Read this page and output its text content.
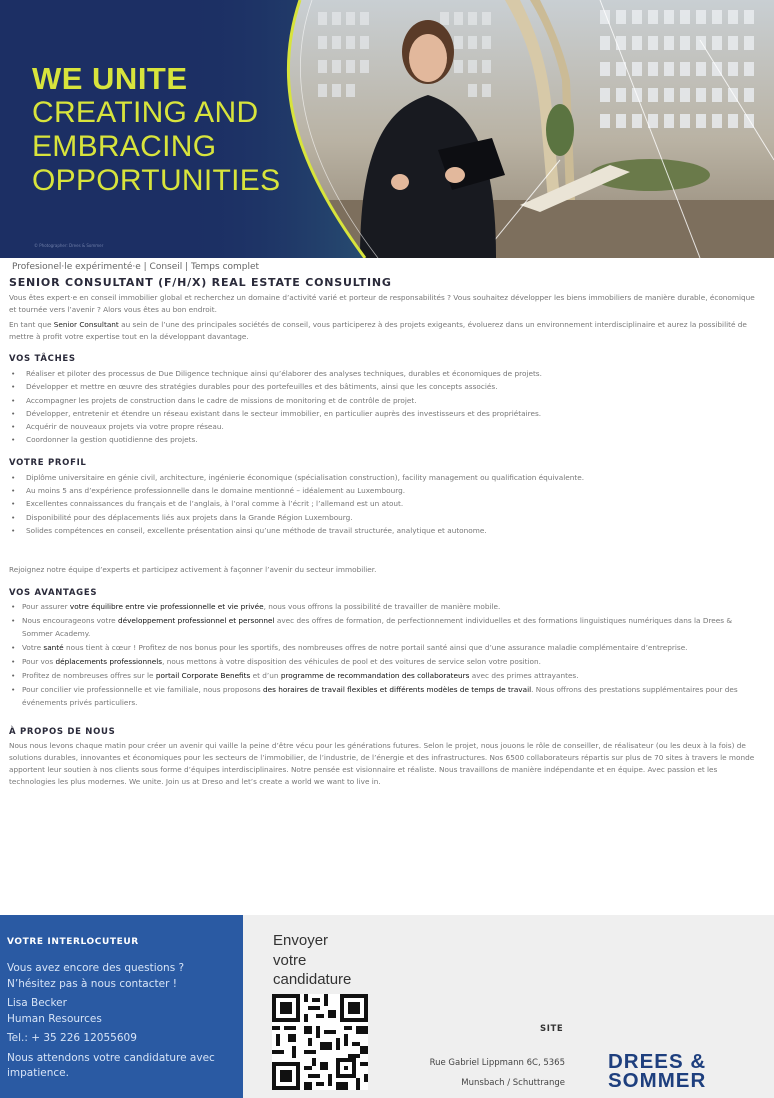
WE UNITE
CREATING AND
EMBRACING
OPPORTUNITIES
© Photographer: Drees & Sommer
Profesionel·le expérimenté·e | Conseil | Temps complet
SENIOR CONSULTANT (F/H/X) REAL ESTATE CONSULTING

Vous êtes expert·e en conseil immobilier global et recherchez un domaine d’activité varié et porteur de responsabilités ? Vous souhaitez développer les biens immobiliers de manière durable, économique et tournée vers l’avenir ? Alors vous êtes au bon endroit.

En tant que Senior Consultant au sein de l’une des principales sociétés de conseil, vous participerez à des projets exigeants, évoluerez dans un environnement interdisciplinaire et aurez la possibilité de mettre à profit votre expertise tout en la développant davantage.

VOS TÂCHES
• Réaliser et piloter des processus de Due Diligence technique ainsi qu’élaborer des analyses techniques, durables et économiques de projets.
• Développer et mettre en œuvre des stratégies durables pour des portefeuilles et des bâtiments, ainsi que les concepts associés.
• Accompagner les projets de construction dans le cadre de missions de monitoring et de contrôle de projet.
• Développer, entretenir et étendre un réseau existant dans le secteur immobilier, en particulier auprès des investisseurs et des propriétaires.
• Acquérir de nouveaux projets via votre propre réseau.
• Coordonner la gestion quotidienne des projets.
VOTRE PROFIL
• Diplôme universitaire en génie civil, architecture, ingénierie économique (spécialisation construction), facility management ou qualification équivalente.
• Au moins 5 ans d’expérience professionnelle dans le domaine mentionné – idéalement au Luxembourg.
• Excellentes connaissances du français et de l’anglais, à l’oral comme à l’écrit ; l’allemand est un atout.
• Disponibilité pour des déplacements liés aux projets dans la Grande Région Luxembourg.
• Solides compétences en conseil, excellente présentation ainsi qu’une méthode de travail structurée, analytique et autonome.

Rejoignez notre équipe d’experts et participez activement à façonner l’avenir du secteur immobilier.

VOS AVANTAGES
• Pour assurer votre équilibre entre vie professionnelle et vie privée, nous vous offrons la possibilité de travailler de manière mobile.
• Nous encourageons votre développement professionnel et personnel avec des offres de formation, de perfectionnement individuelles et des formations linguistiques numériques dans la Drees & Sommer Academy.
• Votre santé nous tient à cœur ! Profitez de nos bonus pour les sportifs, des nombreuses offres de notre portail santé ainsi que d’une assurance maladie complémentaire d’entreprise.
• Pour vos déplacements professionnels, nous mettons à votre disposition des véhicules de pool et des voitures de service selon votre position.
• Profitez de nombreuses offres sur le portail Corporate Benefits et d’un programme de recommandation des collaborateurs avec des primes attrayantes.
• Pour concilier vie professionnelle et vie familiale, nous proposons des horaires de travail flexibles et différents modèles de temps de travail. Nous offrons des prestations supplémentaires pour des événements privés particuliers.
À PROPOS DE NOUS

Nous nous levons chaque matin pour créer un avenir qui vaille la peine d’être vécu pour les générations futures. Selon le projet, nous jouons le rôle de conseiller, de réalisateur (ou les deux à la fois) de solutions durables, innovantes et économiques pour les secteurs de l’immobilier, de l’industrie, de l’énergie et des infrastructures. Nos 6500 collaborateurs répartis sur plus de 70 sites à travers le monde apportent leur soutien à nos clients sous forme d’équipes interdisciplinaires. Notre pensée est visionnaire et réaliste. Nous travaillons de manière indépendante et en équipe. Avec passion et les technologies les plus modernes. We unite. Join us at Dreso and let’s create a world we want to live in.

VOTRE INTERLOCUTEUR

Vous avez encore des questions ?

N’hésitez pas à nous contacter !

Lisa Becker

Human Resources

Tel.: + 35 226 12055609

Nous attendons votre candidature avec impatience.

Envoyer
votre
candidature
SITE
Rue Gabriel Lippmann 6C, 5365
Munsbach / Schuttrange
DREES &
SOMMER
